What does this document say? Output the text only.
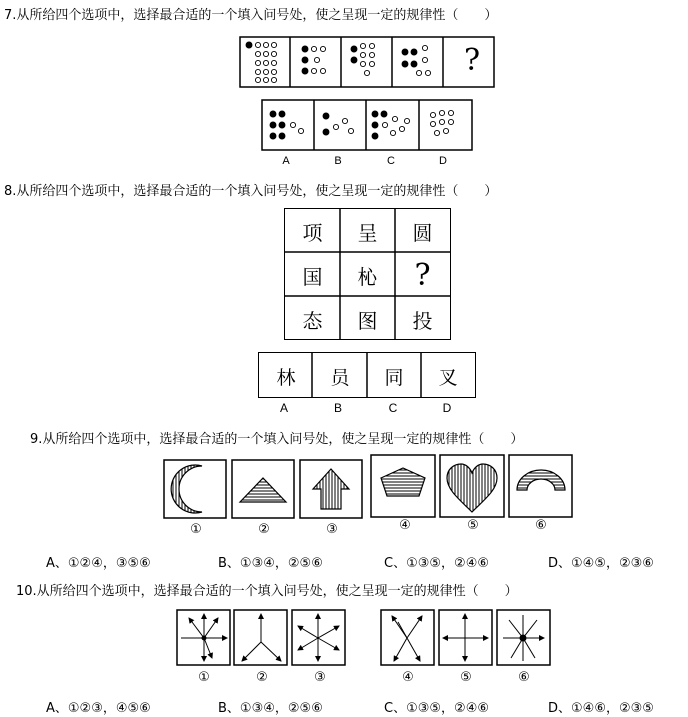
7.从所给四个选项中，选择最合适的一个填入问号处，使之呈现一定的规律性（　　）
?
A	B	C	D
8.从所给四个选项中，选择最合适的一个填入问号处，使之呈现一定的规律性（　　）
项	呈	圆
国	杺	?
态	图	投
林	员	同	叉
A	B	C	D
9.从所给四个选项中，选择最合适的一个填入问号处，使之呈现一定的规律性（　　）
①	②	③	④	⑤	⑥
A、①②④，③⑤⑥	B、①③④，②⑤⑥	C、①③⑤，②④⑥	D、①④⑤，②③⑥
10.从所给四个选项中，选择最合适的一个填入问号处，使之呈现一定的规律性（　　）
①	②	③	④	⑤	⑥
A、①②③，④⑤⑥	B、①③④，②⑤⑥	C、①③⑤，②④⑥	D、①④⑥，②③⑤
